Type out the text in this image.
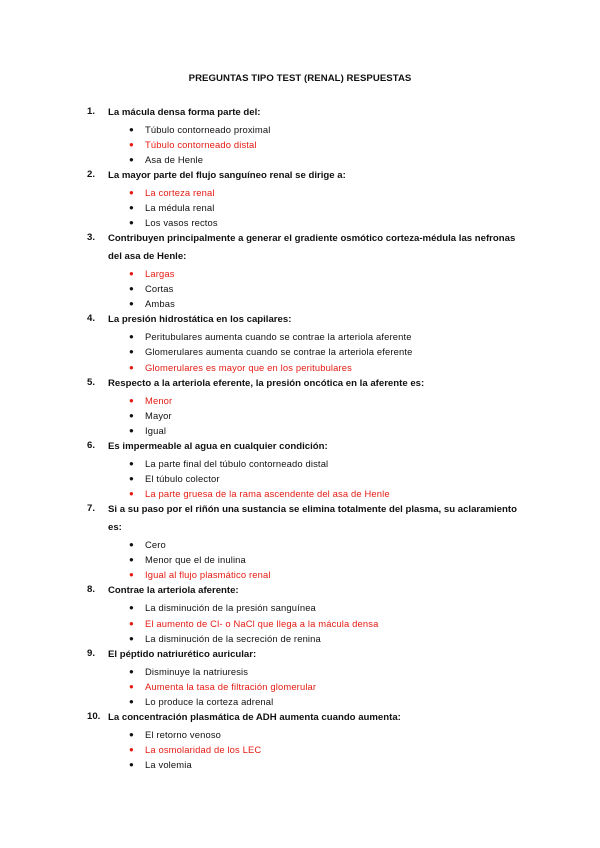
PREGUNTAS TIPO TEST (RENAL) RESPUESTAS
1.	La mácula densa forma parte del:

● Túbulo contorneado proximal
● Túbulo contorneado distal
● Asa de Henle
2.	La mayor parte del flujo sanguíneo renal se dirige a:

● La corteza renal
● La médula renal
● Los vasos rectos
3.	Contribuyen principalmente a generar el gradiente osmótico corteza-médula las nefronas del asa de Henle:

● Largas
● Cortas
● Ambas
4.	La presión hidrostática en los capilares:

● Peritubulares aumenta cuando se contrae la arteriola aferente
● Glomerulares aumenta cuando se contrae la arteriola eferente
● Glomerulares es mayor que en los peritubulares
5.	Respecto a la arteriola eferente, la presión oncótica en la aferente es:

● Menor
● Mayor
● Igual
6.	Es impermeable al agua en cualquier condición:

● La parte final del túbulo contorneado distal
● El túbulo colector
● La parte gruesa de la rama ascendente del asa de Henle
7.	Si a su paso por el riñón una sustancia se elimina totalmente del plasma, su aclaramiento es:

● Cero
● Menor que el de inulina
● Igual al flujo plasmático renal
8.	Contrae la arteriola aferente:

● La disminución de la presión sanguínea
● El aumento de Cl- o NaCl que llega a la mácula densa
● La disminución de la secreción de renina
9.	El péptido natriurético auricular:

● Disminuye la natriuresis
● Aumenta la tasa de filtración glomerular
● Lo produce la corteza adrenal
10. La concentración plasmática de ADH aumenta cuando aumenta:

● El retorno venoso
● La osmolaridad de los LEC
● La volemia
